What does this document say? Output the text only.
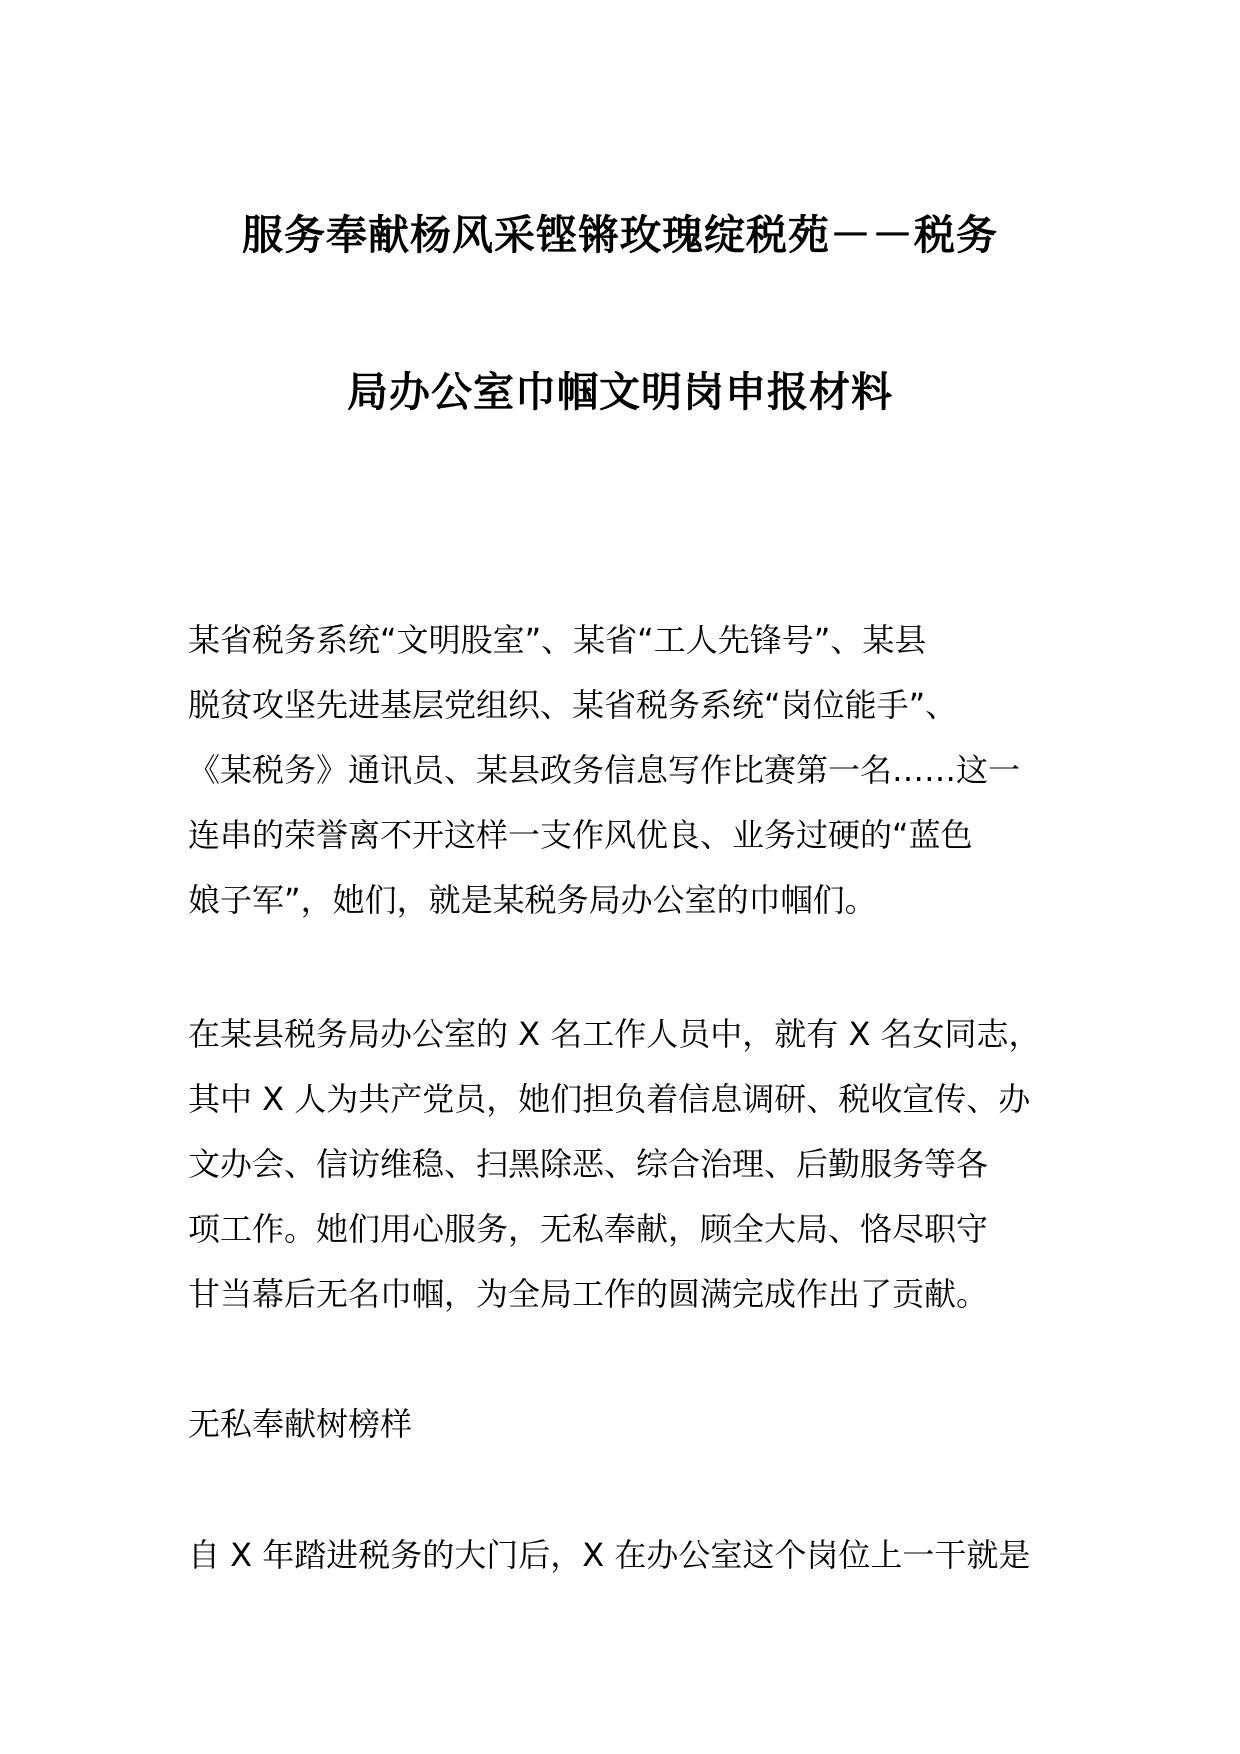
服务奉献杨风采铿锵玫瑰绽税苑－－税务
局办公室巾帼文明岗申报材料
某省税务系统“文明股室”、某省“工人先锋号”、某县
脱贫攻坚先进基层党组织、某省税务系统“岗位能手”、
《某税务》通讯员、某县政务信息写作比赛第一名……这一
连串的荣誉离不开这样一支作风优良、业务过硬的“蓝色
娘子军”，她们，就是某税务局办公室的巾帼们。
在某县税务局办公室的 X 名工作人员中，就有 X 名女同志，
其中 X 人为共产党员，她们担负着信息调研、税收宣传、办
文办会、信访维稳、扫黑除恶、综合治理、后勤服务等各
项工作。她们用心服务，无私奉献，顾全大局、恪尽职守
甘当幕后无名巾帼，为全局工作的圆满完成作出了贡献。
无私奉献树榜样
自 X 年踏进税务的大门后，X 在办公室这个岗位上一干就是
